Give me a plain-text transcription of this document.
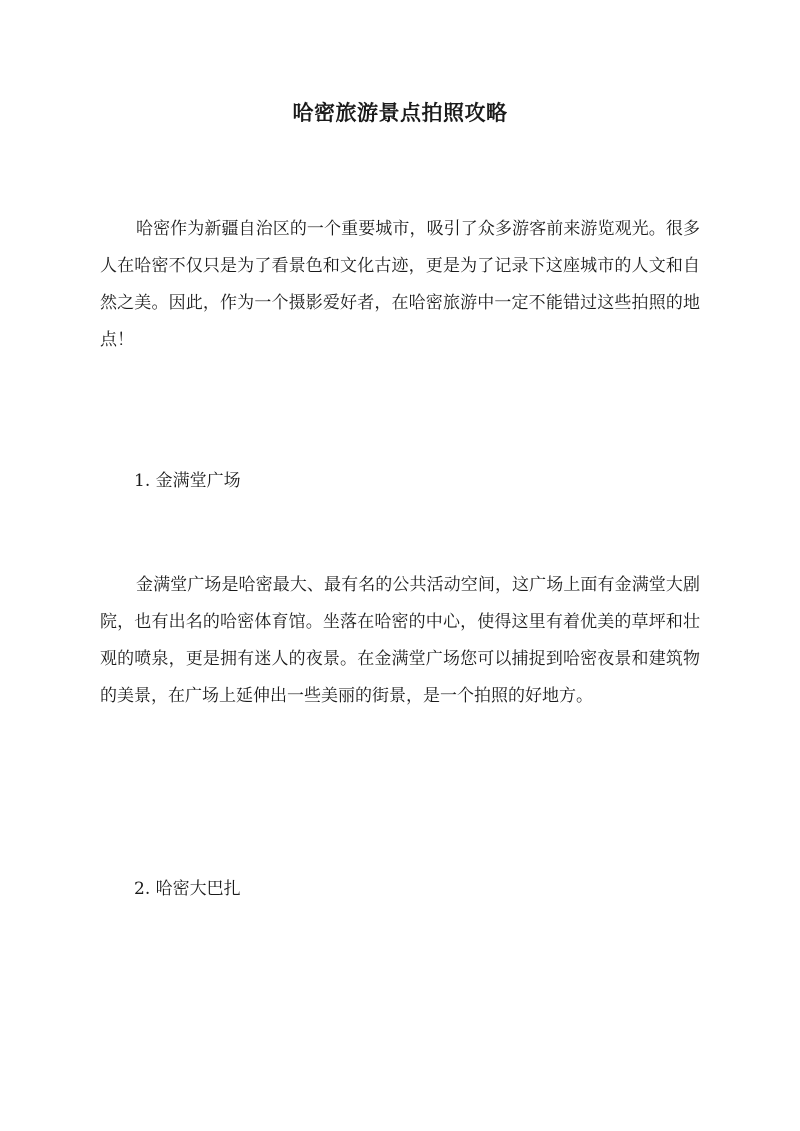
哈密旅游景点拍照攻略
哈密作为新疆自治区的一个重要城市，吸引了众多游客前来游览观光。很多人在哈密不仅只是为了看景色和文化古迹，更是为了记录下这座城市的人文和自然之美。因此，作为一个摄影爱好者，在哈密旅游中一定不能错过这些拍照的地点！
1. 金满堂广场
金满堂广场是哈密最大、最有名的公共活动空间，这广场上面有金满堂大剧院，也有出名的哈密体育馆。坐落在哈密的中心，使得这里有着优美的草坪和壮观的喷泉，更是拥有迷人的夜景。在金满堂广场您可以捕捉到哈密夜景和建筑物的美景，在广场上延伸出一些美丽的街景，是一个拍照的好地方。
2. 哈密大巴扎
